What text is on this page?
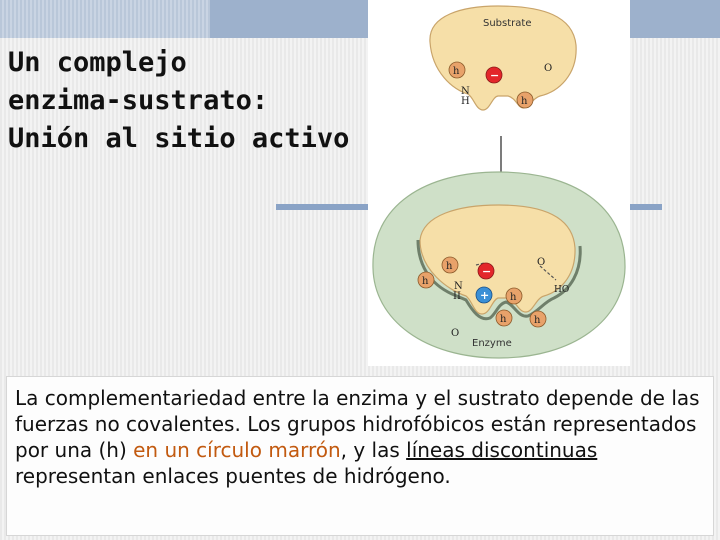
Un complejo
enzima-sustrato:
Unión al sitio activo
Substrate
h	−
h
O
N
H
Enzyme
h
h
−
+ h
h	h
O
O
HO
N
II
La complementariedad entre la enzima y el sustrato depende de las fuerzas no covalentes. Los grupos hidrofóbicos están representados por una (h) en un círculo marrón, y las líneas discontinuas representan enlaces puentes de hidrógeno.
